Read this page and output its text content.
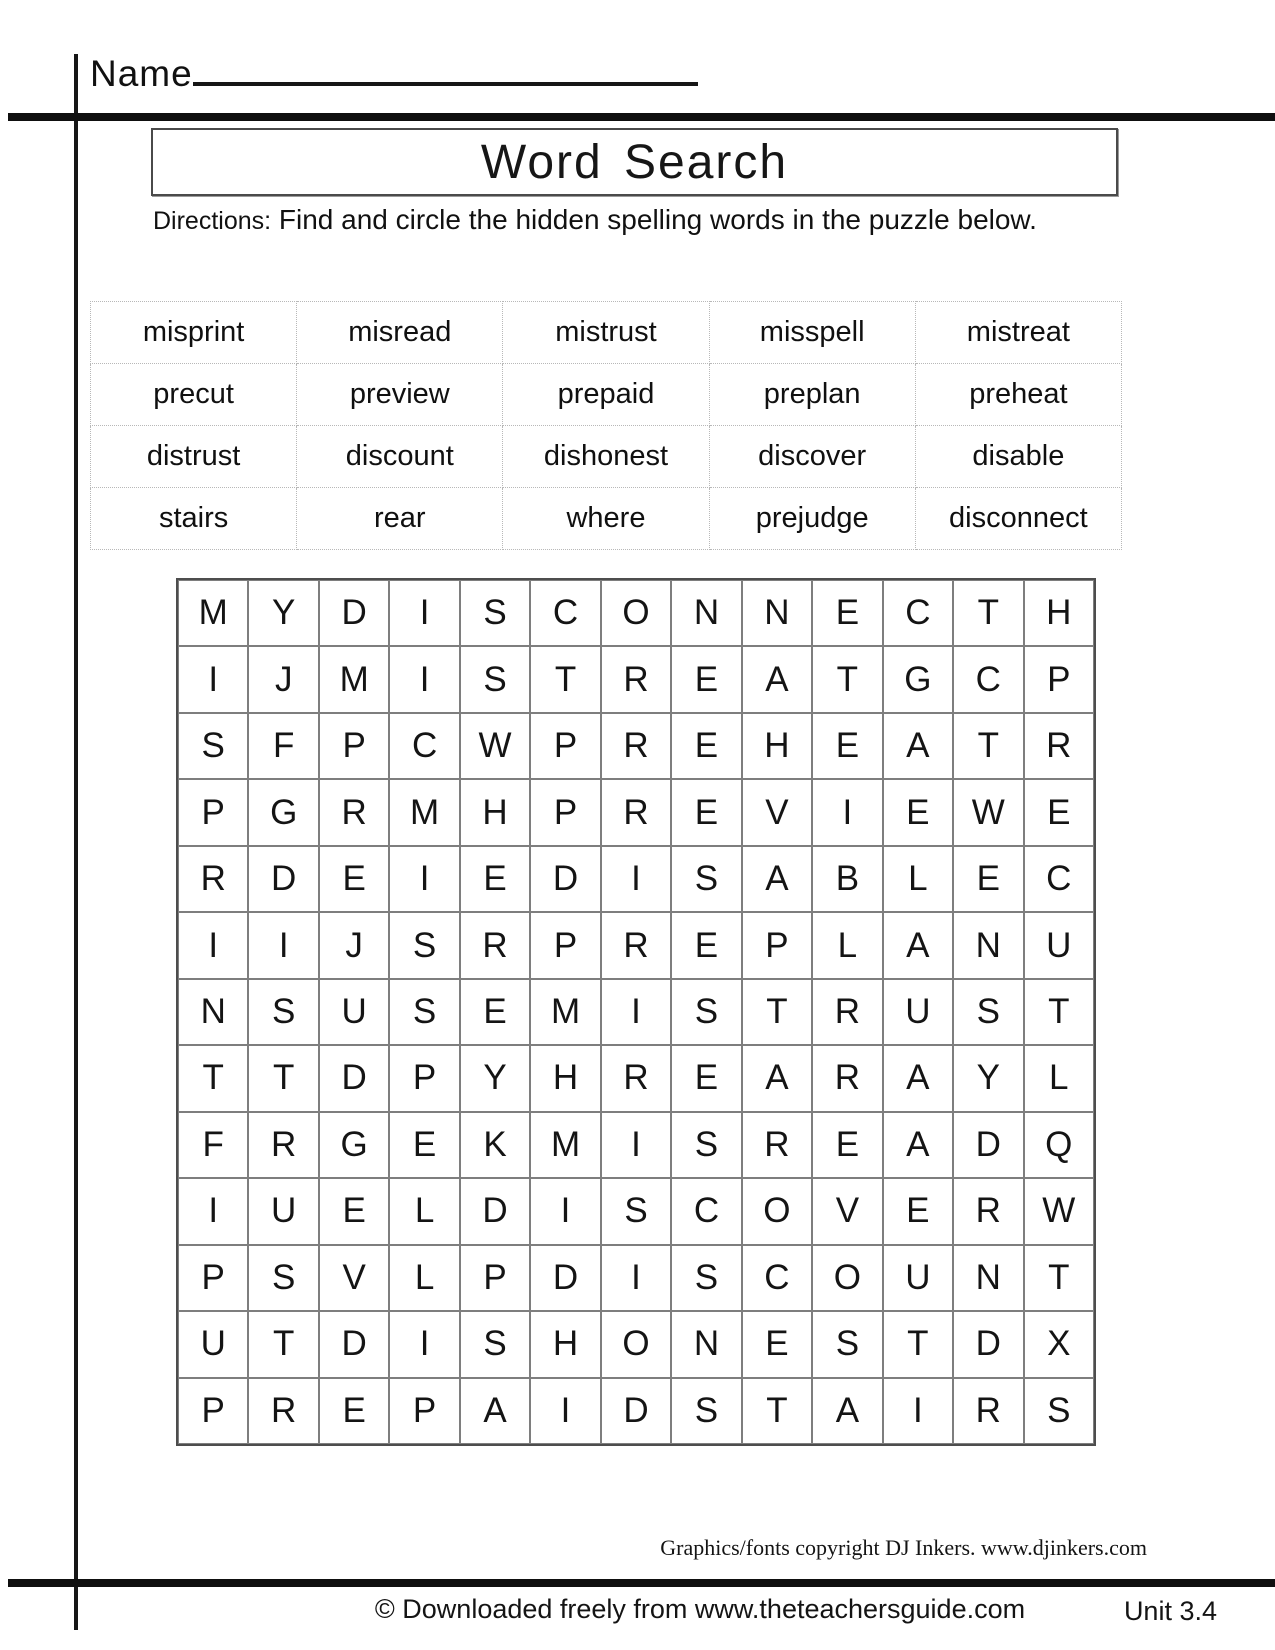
Name
Word Search
Directions: Find and circle the hidden spelling words in the puzzle below.
misprint	misread	mistrust	misspell	mistreat
precut	preview	prepaid	preplan	preheat
distrust	discount	dishonest	discover	disable
stairs	rear	where	prejudge	disconnect
M	Y	D	I	S	C	O	N	N	E	C	T	H
I	J	M	I	S	T	R	E	A	T	G	C	P
S	F	P	C	W	P	R	E	H	E	A	T	R
P	G	R	M	H	P	R	E	V	I	E	W	E
R	D	E	I	E	D	I	S	A	B	L	E	C
I	I	J	S	R	P	R	E	P	L	A	N	U
N	S	U	S	E	M	I	S	T	R	U	S	T
T	T	D	P	Y	H	R	E	A	R	A	Y	L
F	R	G	E	K	M	I	S	R	E	A	D	Q
I	U	E	L	D	I	S	C	O	V	E	R	W
P	S	V	L	P	D	I	S	C	O	U	N	T
U	T	D	I	S	H	O	N	E	S	T	D	X
P	R	E	P	A	I	D	S	T	A	I	R	S
Graphics/fonts copyright DJ Inkers. www.djinkers.com
© Downloaded freely from www.theteachersguide.com	Unit 3.4
